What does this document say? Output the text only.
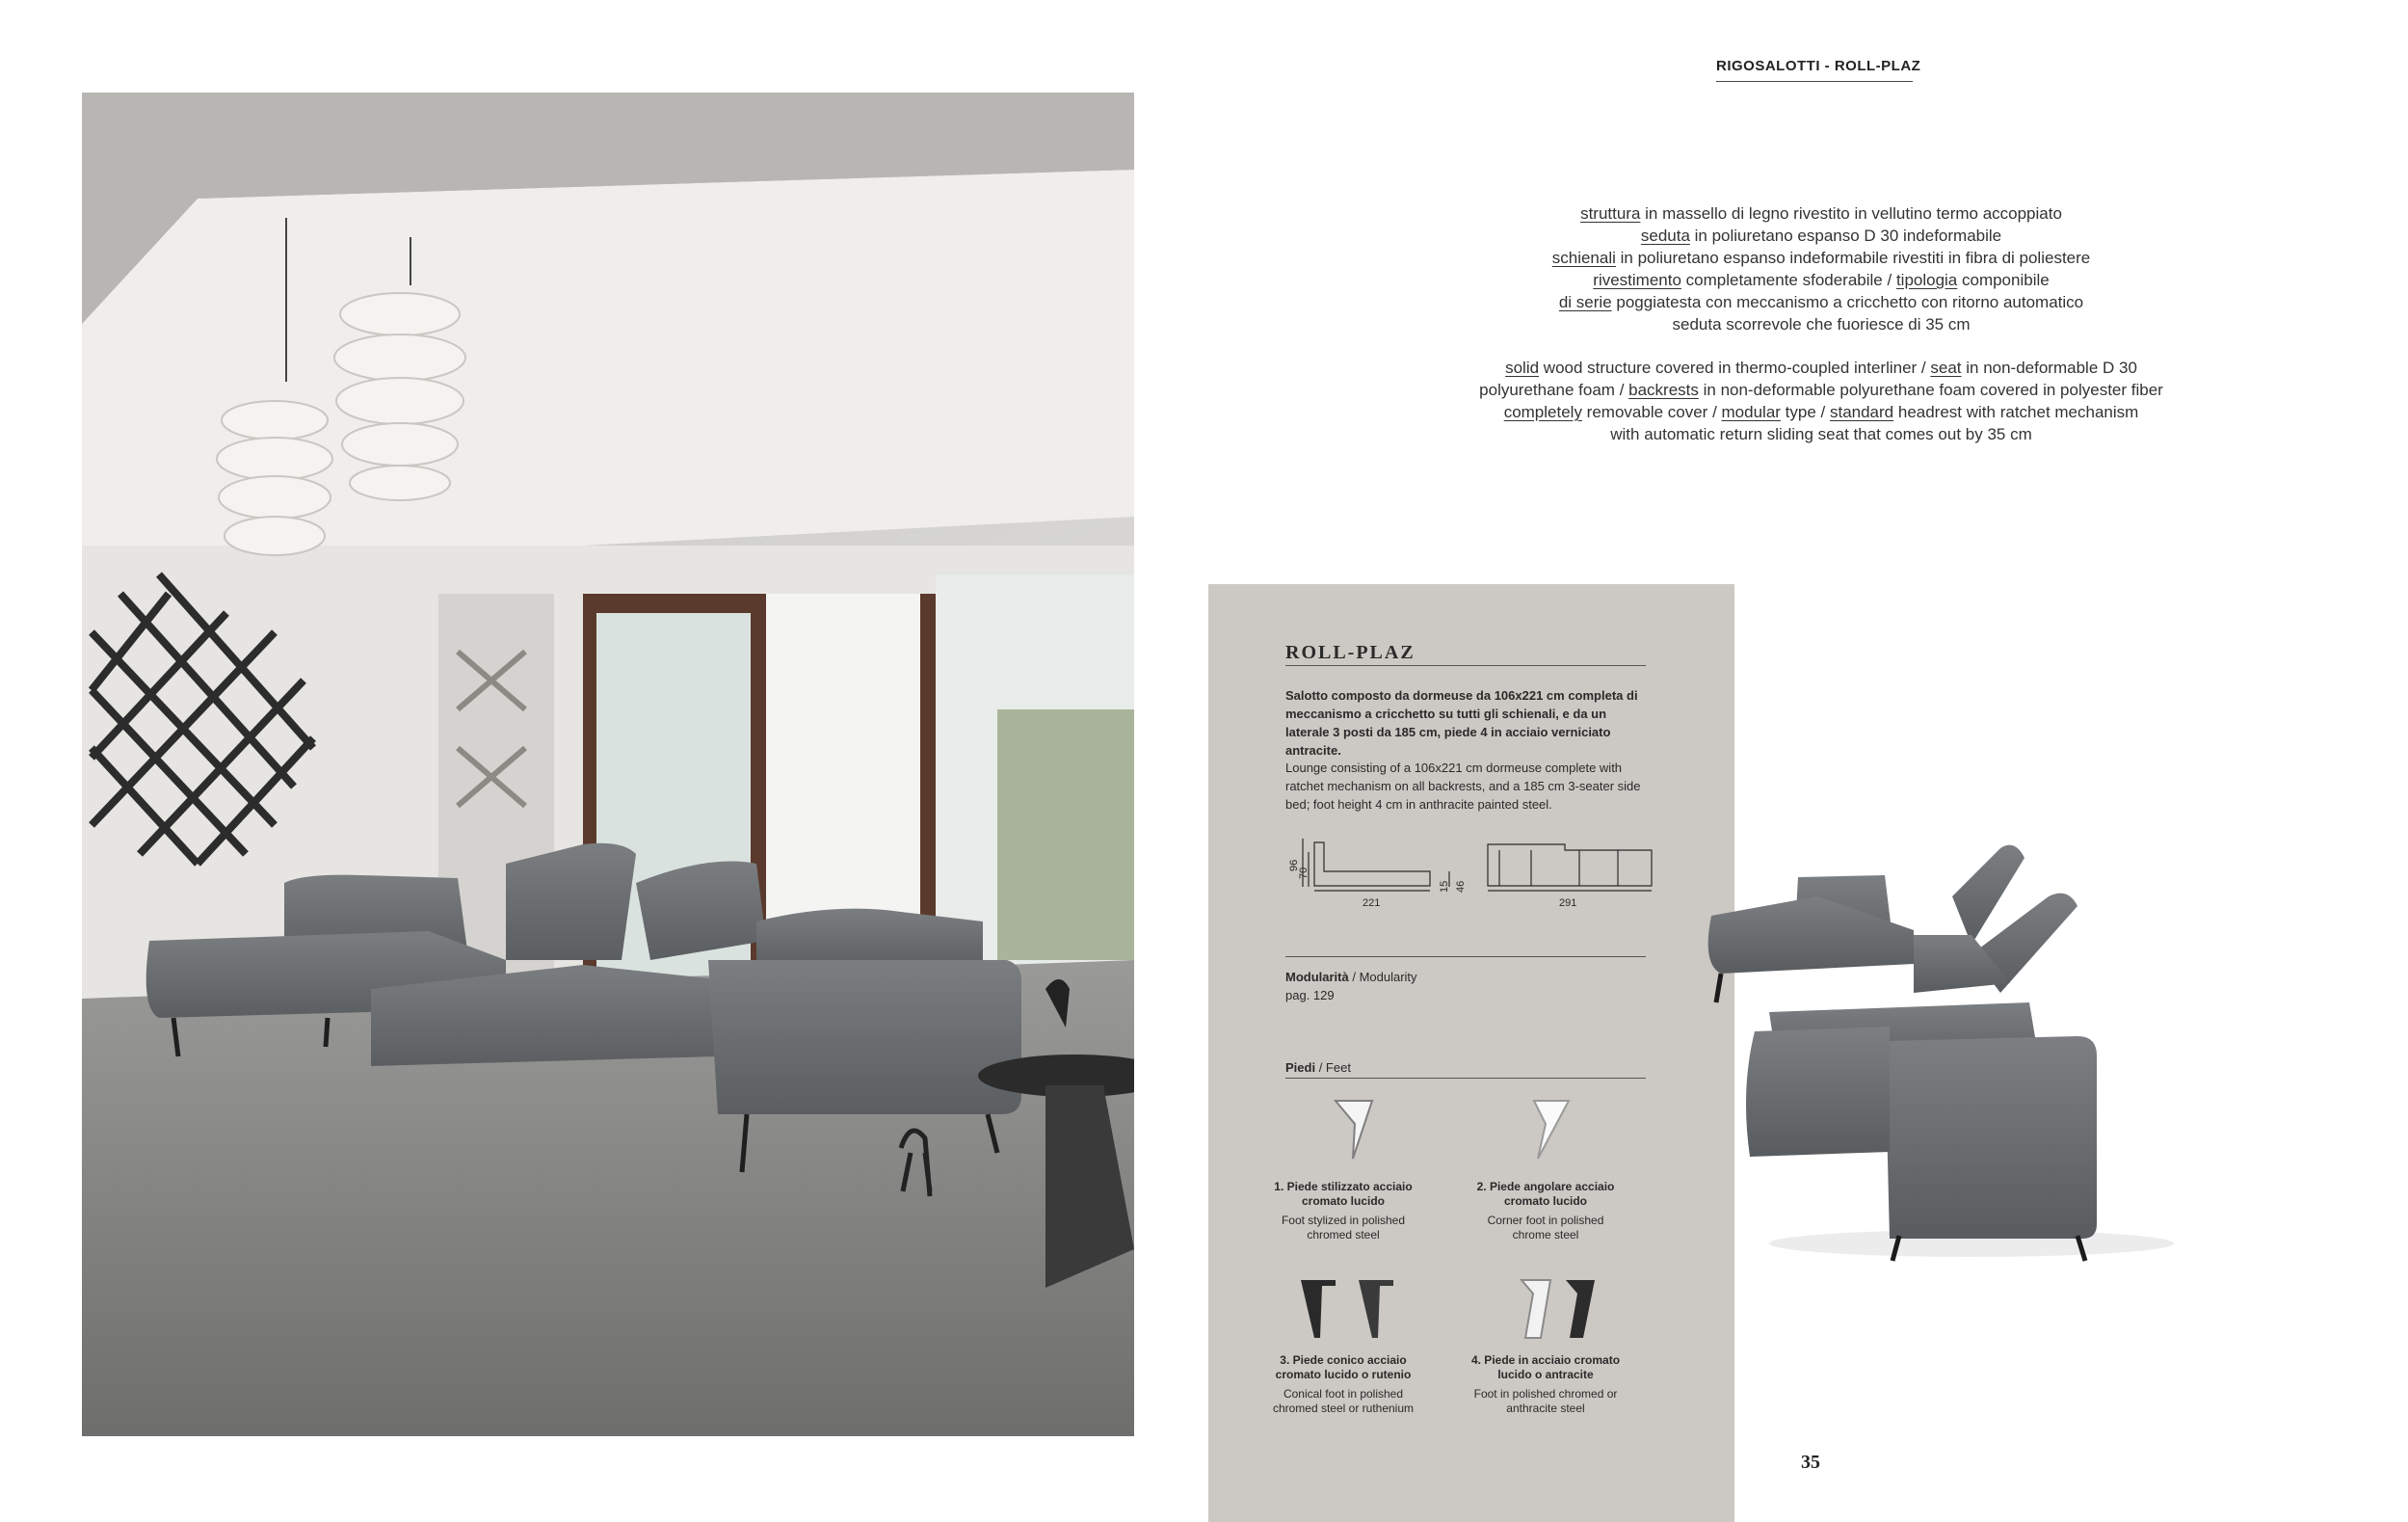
RIGOSALOTTI - ROLL-PLAZ

struttura in massello di legno rivestito in vellutino termo accoppiato

seduta in poliuretano espanso D 30 indeformabile

schienali in poliuretano espanso indeformabile rivestiti in fibra di poliestere

rivestimento completamente sfoderabile / tipologia componibile

di serie poggiatesta con meccanismo a cricchetto con ritorno automatico

seduta scorrevole che fuoriesce di 35 cm

solid wood structure covered in thermo-coupled interliner / seat in non-deformable D 30

polyurethane foam / backrests in non-deformable polyurethane foam covered in polyester fiber

completely removable cover / modular type / standard headrest with ratchet mechanism

with automatic return sliding seat that comes out by 35 cm

ROLL-PLAZ
Salotto composto da dormeuse da 106x221 cm completa di meccanismo a cricchetto su tutti gli schienali, e da un laterale 3 posti da 185 cm, piede 4 in acciaio verniciato antracite.
Lounge consisting of a 106x221 cm dormeuse complete with ratchet mechanism on all backrests, and a 185 cm 3-seater side bed; foot height 4 cm in anthracite painted steel.
96
70
221
15 46
291
Modularità / Modularity
pag. 129
Piedi / Feet
1. Piede stilizzato acciaio cromato lucido
Foot stylized in polished chromed steel
2. Piede angolare acciaio cromato lucido
Corner foot in polished chrome steel
3. Piede conico acciaio cromato lucido o rutenio
Conical foot in polished chromed steel or ruthenium
4. Piede in acciaio cromato lucido o antracite
Foot in polished chromed or anthracite steel
35
